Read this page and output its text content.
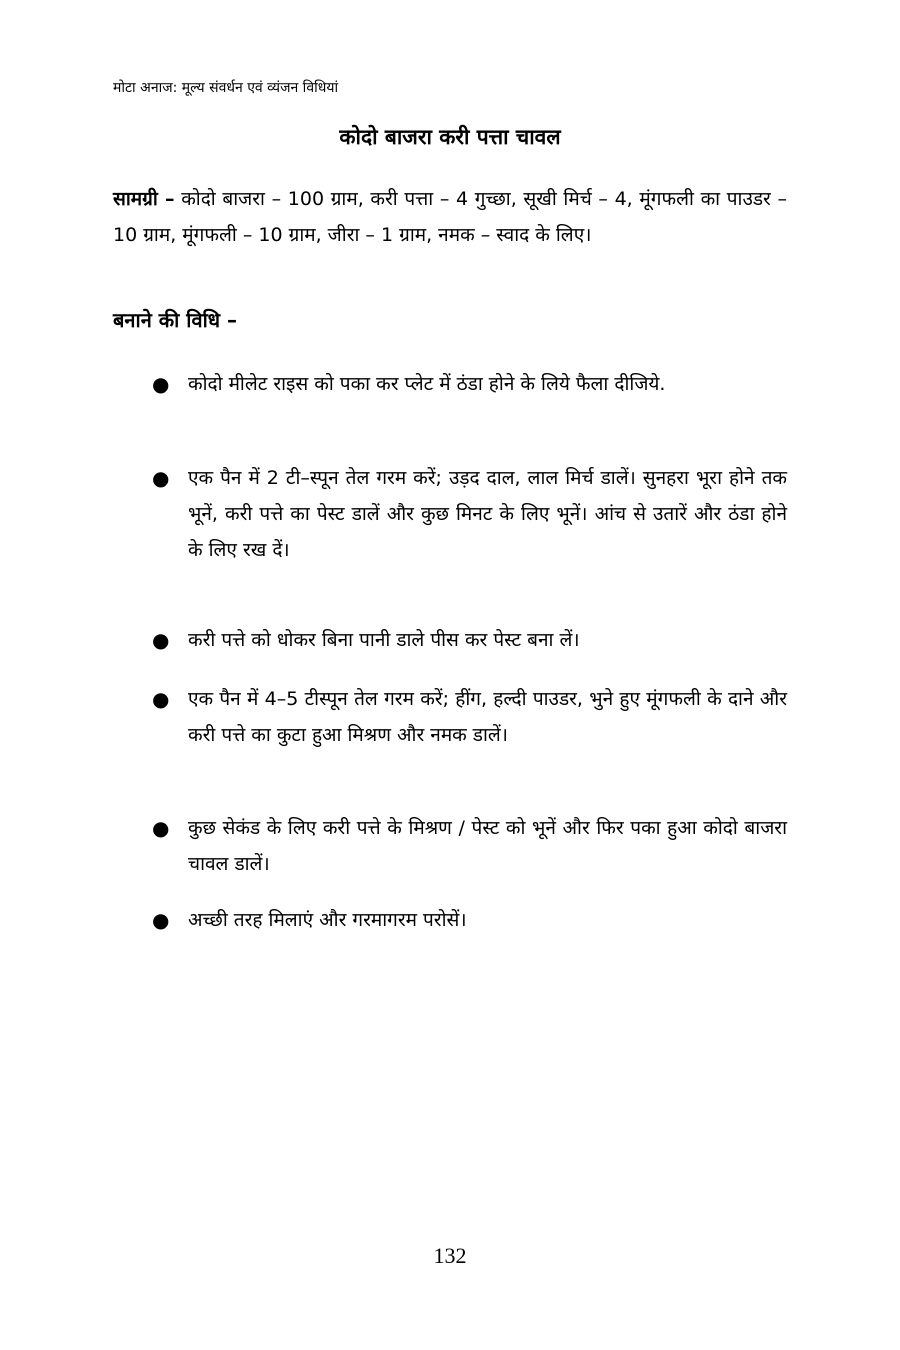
मोटा अनाज: मूल्य संवर्धन एवं व्यंजन विधियां
कोदो बाजरा करी पत्ता चावल
सामग्री – कोदो बाजरा – 100 ग्राम, करी पत्ता – 4 गुच्छा, सूखी मिर्च – 4, मूंगफली का पाउडर – 10 ग्राम, मूंगफली – 10 ग्राम, जीरा – 1 ग्राम, नमक – स्वाद के लिए।
बनाने की विधि –
● कोदो मीलेट राइस को पका कर प्लेट में ठंडा होने के लिये फैला दीजिये.
● एक पैन में 2 टी–स्पून तेल गरम करें; उड़द दाल, लाल मिर्च डालें। सुनहरा भूरा होने तक भूनें, करी पत्ते का पेस्ट डालें और कुछ मिनट के लिए भूनें। आंच से उतारें और ठंडा होने के लिए रख दें।
● करी पत्ते को धोकर बिना पानी डाले पीस कर पेस्ट बना लें।
● एक पैन में 4–5 टीस्पून तेल गरम करें; हींग, हल्दी पाउडर, भुने हुए मूंगफली के दाने और करी पत्ते का कुटा हुआ मिश्रण और नमक डालें।
● कुछ सेकंड के लिए करी पत्ते के मिश्रण / पेस्ट को भूनें और फिर पका हुआ कोदो बाजरा चावल डालें।
● अच्छी तरह मिलाएं और गरमागरम परोसें।
132
